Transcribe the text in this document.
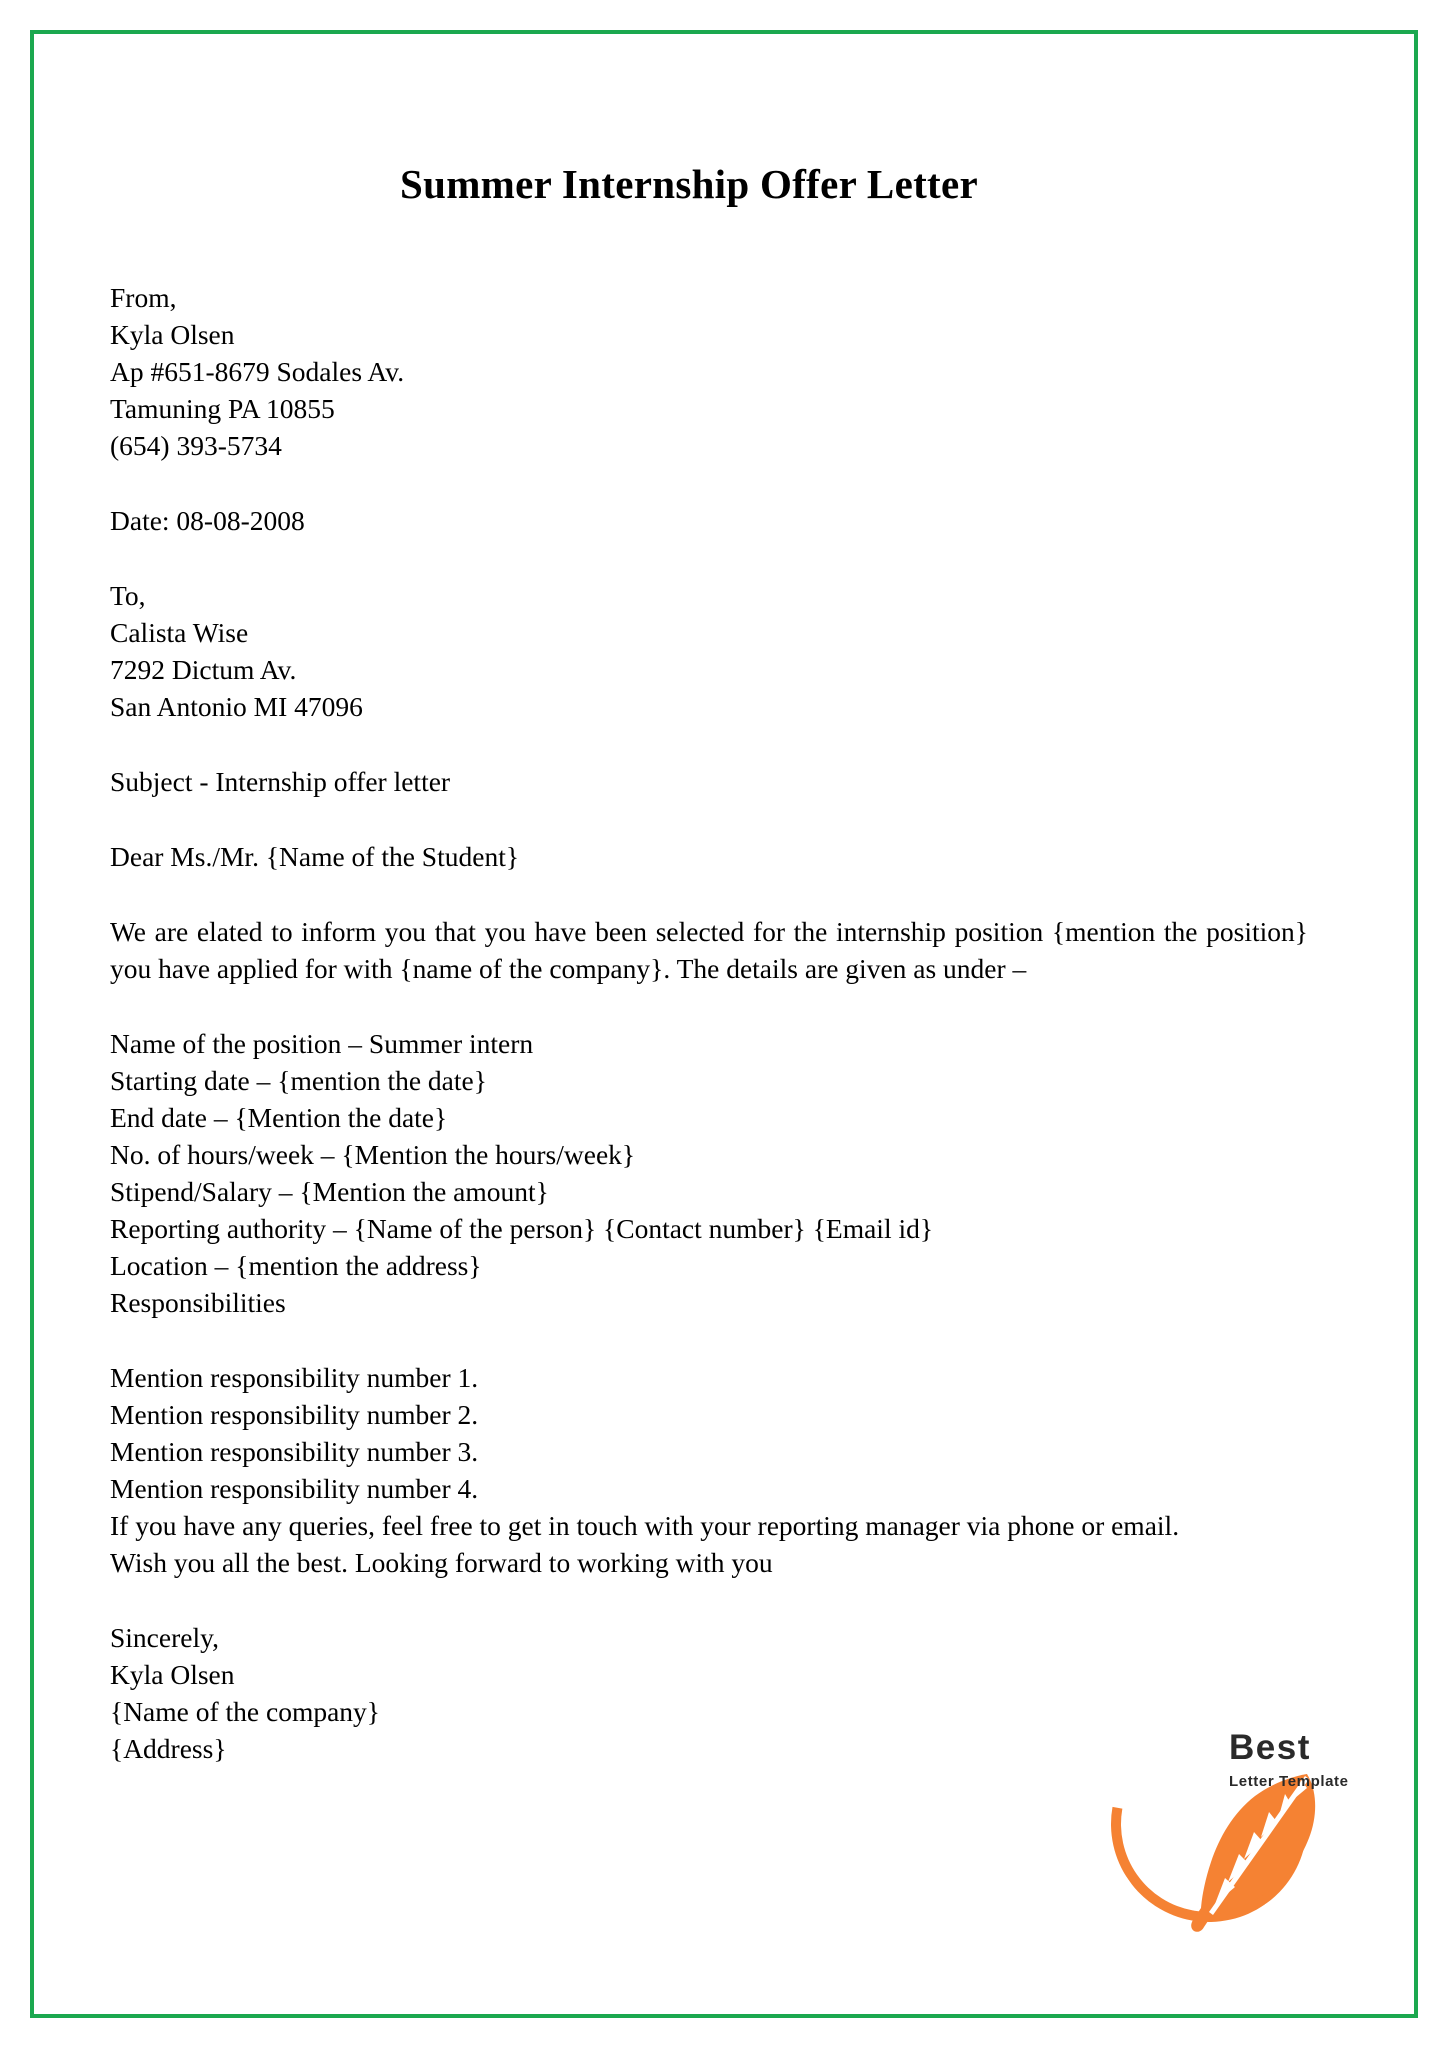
Summer Internship Offer Letter
From,
Kyla Olsen
Ap #651-8679 Sodales Av.
Tamuning PA 10855
(654) 393-5734
Date: 08-08-2008
To,
Calista Wise
7292 Dictum Av.
San Antonio MI 47096
Subject - Internship offer letter
Dear Ms./Mr. {Name of the Student}

We are elated to inform you that you have been selected for the internship position {mention the position} you have applied for with {name of the company}. The details are given as under –

Name of the position – Summer intern
Starting date – {mention the date}
End date – {Mention the date}
No. of hours/week – {Mention the hours/week}
Stipend/Salary – {Mention the amount}
Reporting authority – {Name of the person} {Contact number} {Email id}
Location – {mention the address}
Responsibilities
Mention responsibility number 1.
Mention responsibility number 2.
Mention responsibility number 3.
Mention responsibility number 4.
If you have any queries, feel free to get in touch with your reporting manager via phone or email.
Wish you all the best. Looking forward to working with you
Sincerely,
Kyla Olsen
{Name of the company}
{Address}	Best
Letter Template
